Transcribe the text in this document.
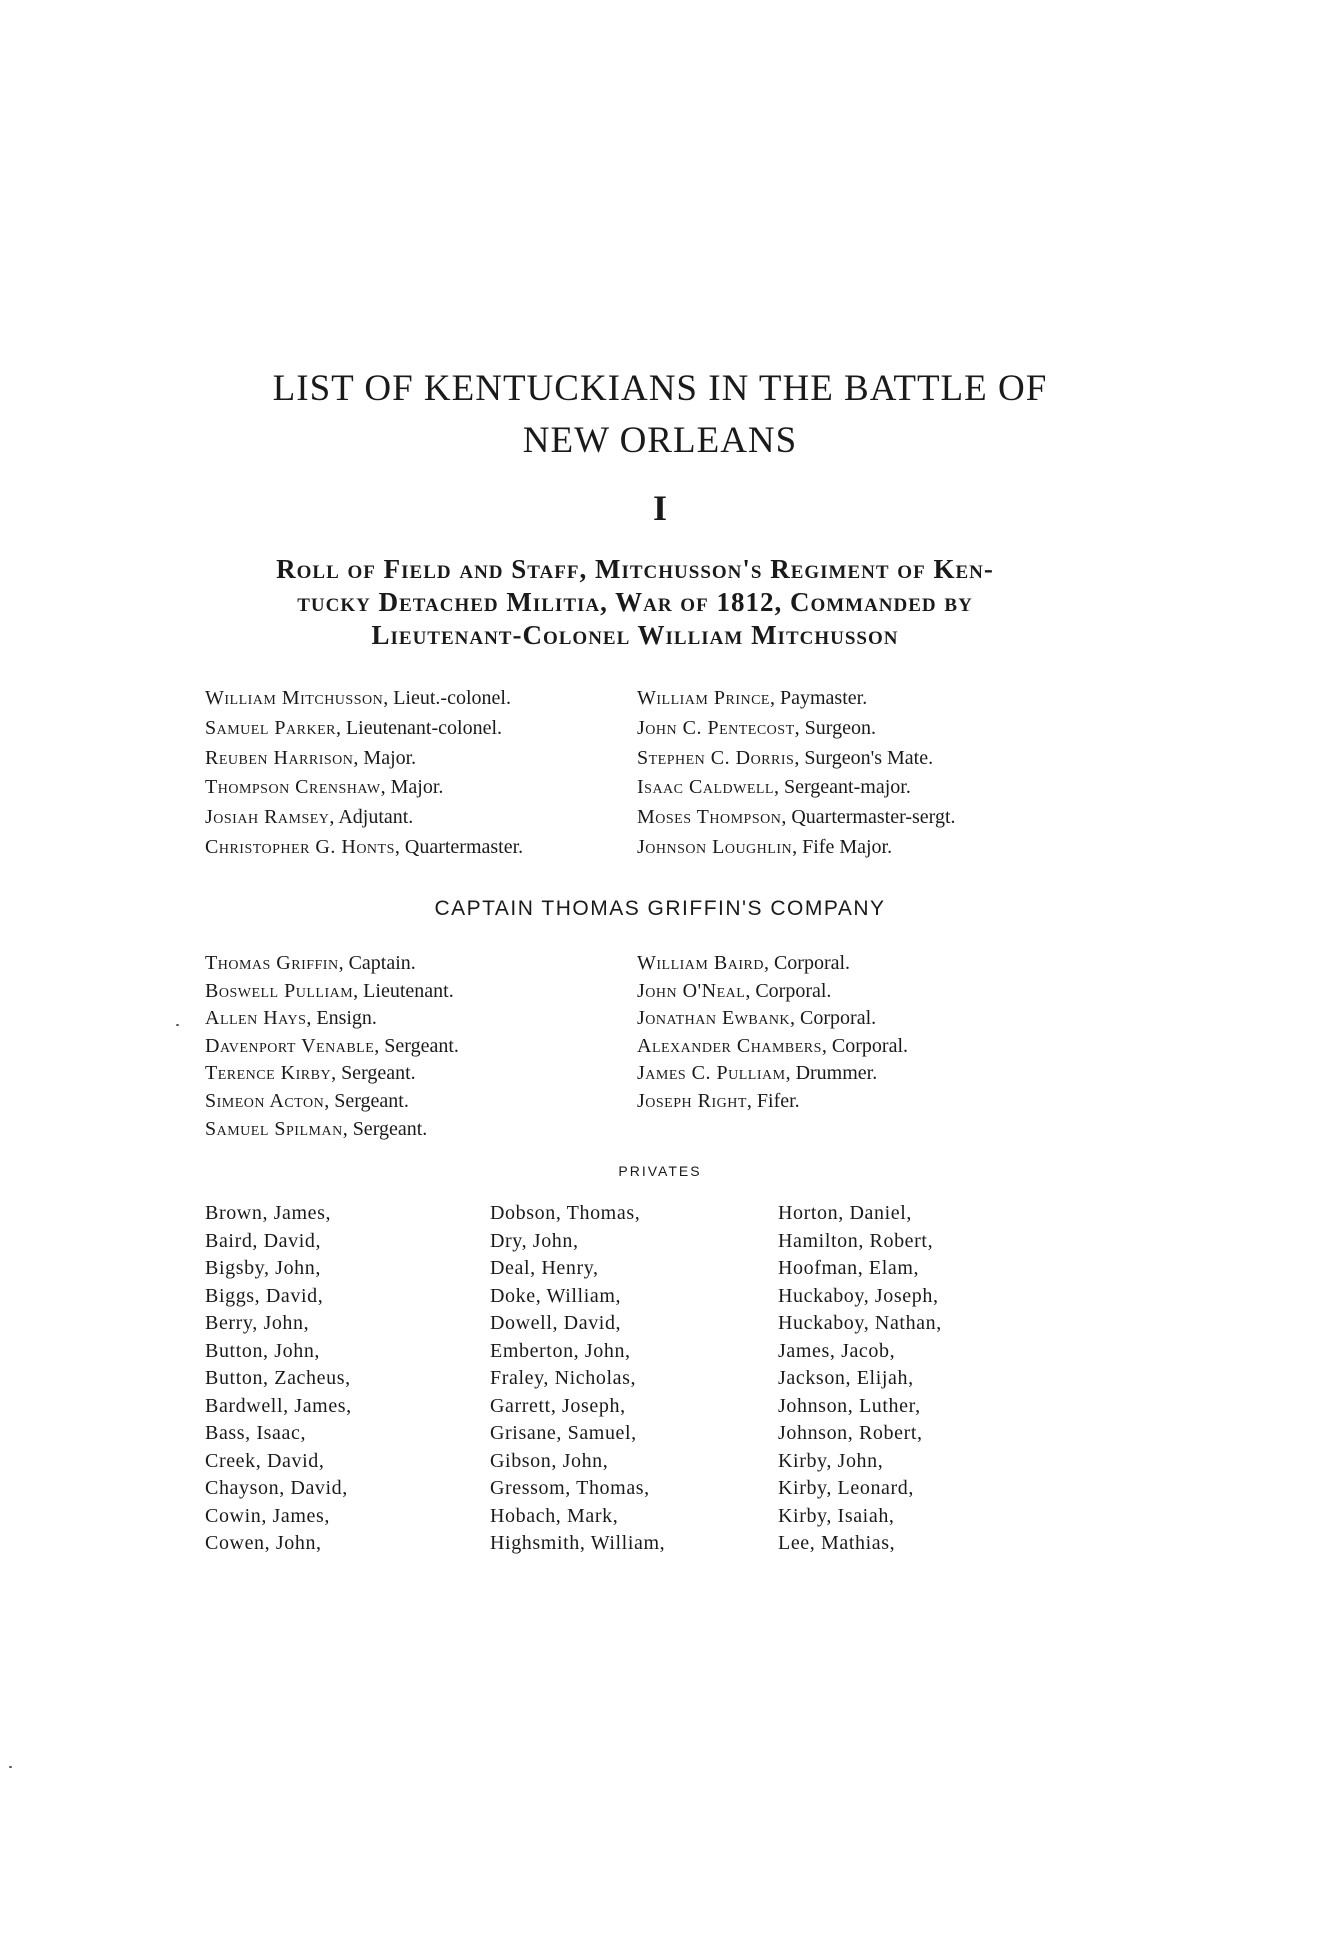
LIST OF KENTUCKIANS IN THE BATTLE OF
NEW ORLEANS
I
Roll of Field and Staff, Mitchusson's Regiment of Ken-
tucky Detached Militia, War of 1812, Commanded by
Lieutenant-Colonel William Mitchusson
William Mitchusson, Lieut.-colonel.
Samuel Parker, Lieutenant-colonel.
Reuben Harrison, Major.
Thompson Crenshaw, Major.
Josiah Ramsey, Adjutant.
Christopher G. Honts, Quartermaster.
William Prince, Paymaster.
John C. Pentecost, Surgeon.
Stephen C. Dorris, Surgeon's Mate.
Isaac Caldwell, Sergeant-major.
Moses Thompson, Quartermaster-sergt.
Johnson Loughlin, Fife Major.
CAPTAIN THOMAS GRIFFIN'S COMPANY
Thomas Griffin, Captain.
Boswell Pulliam, Lieutenant.
Allen Hays, Ensign.
Davenport Venable, Sergeant.
Terence Kirby, Sergeant.
Simeon Acton, Sergeant.
Samuel Spilman, Sergeant.
William Baird, Corporal.
John O'Neal, Corporal.
Jonathan Ewbank, Corporal.
Alexander Chambers, Corporal.
James C. Pulliam, Drummer.
Joseph Right, Fifer.
PRIVATES
Brown, James,
Baird, David,
Bigsby, John,
Biggs, David,
Berry, John,
Button, John,
Button, Zachеus,
Bardwell, James,
Bass, Isaac,
Creek, David,
Chayson, David,
Cowin, James,
Cowen, John,
Dobson, Thomas,
Dry, John,
Deal, Henry,
Doke, William,
Dowell, David,
Emberton, John,
Fraley, Nicholas,
Garrett, Joseph,
Grisane, Samuel,
Gibson, John,
Gressom, Thomas,
Hobach, Mark,
Highsmith, William,
Horton, Daniel,
Hamilton, Robert,
Hoofman, Elam,
Huckaboy, Joseph,
Huckaboy, Nathan,
James, Jacob,
Jackson, Elijah,
Johnson, Luther,
Johnson, Robert,
Kirby, John,
Kirby, Leonard,
Kirby, Isaiah,
Lee, Mathias,
